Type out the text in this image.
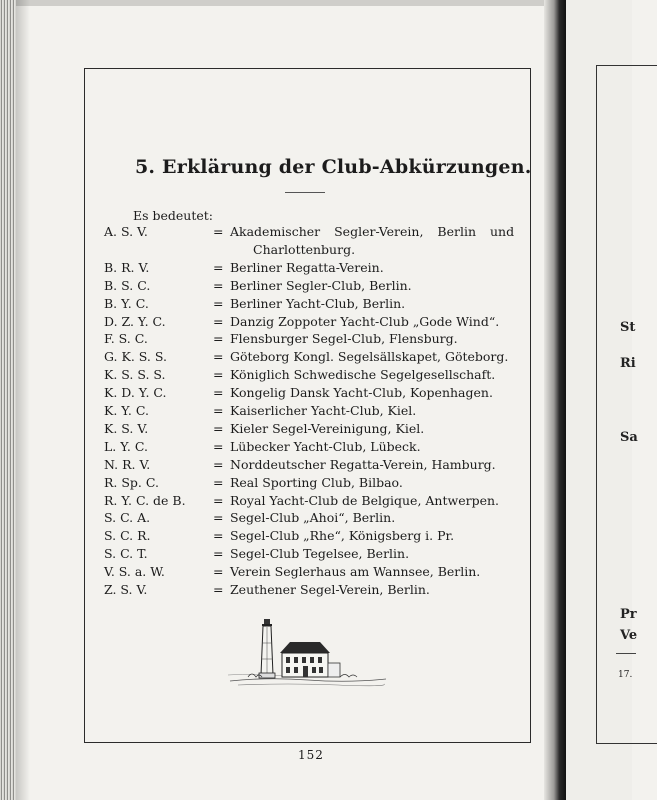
5. Erklärung der Club-Abkürzungen.
Es bedeutet:
A. S. V.	= Akademischer Segler-Verein, Berlin und
Charlottenburg.
B. R. V.	= Berliner Regatta-Verein.
B. S. C.	= Berliner Segler-Club, Berlin.
B. Y. C.	= Berliner Yacht-Club, Berlin.
D. Z. Y. C.	= Danzig Zoppoter Yacht-Club „Gode Wind“.
F. S. C.	= Flensburger Segel-Club, Flensburg.
G. K. S. S.	= Göteborg Kongl. Segelsällskapet, Göteborg.
K. S. S. S.	= Königlich Schwedische Segelgesellschaft.
K. D. Y. C.	= Kongelig Dansk Yacht-Club, Kopenhagen.
K. Y. C.	= Kaiserlicher Yacht-Club, Kiel.
K. S. V.	= Kieler Segel-Vereinigung, Kiel.
L. Y. C.	= Lübecker Yacht-Club, Lübeck.
N. R. V.	= Norddeutscher Regatta-Verein, Hamburg.
R. Sp. C.	= Real Sporting Club, Bilbao.
R. Y. C. de B. = Royal Yacht-Club de Belgique, Antwerpen.
S. C. A.	= Segel-Club „Ahoi“, Berlin.
S. C. R.	= Segel-Club „Rhe“, Königsberg i. Pr.
S. C. T.	= Segel-Club Tegelsee, Berlin.
V. S. a. W.	= Verein Seglerhaus am Wannsee, Berlin.
Z. S. V.	= Zeuthener Segel-Verein, Berlin.
152
St
Ri
Sa
Pr
Ve
17.
